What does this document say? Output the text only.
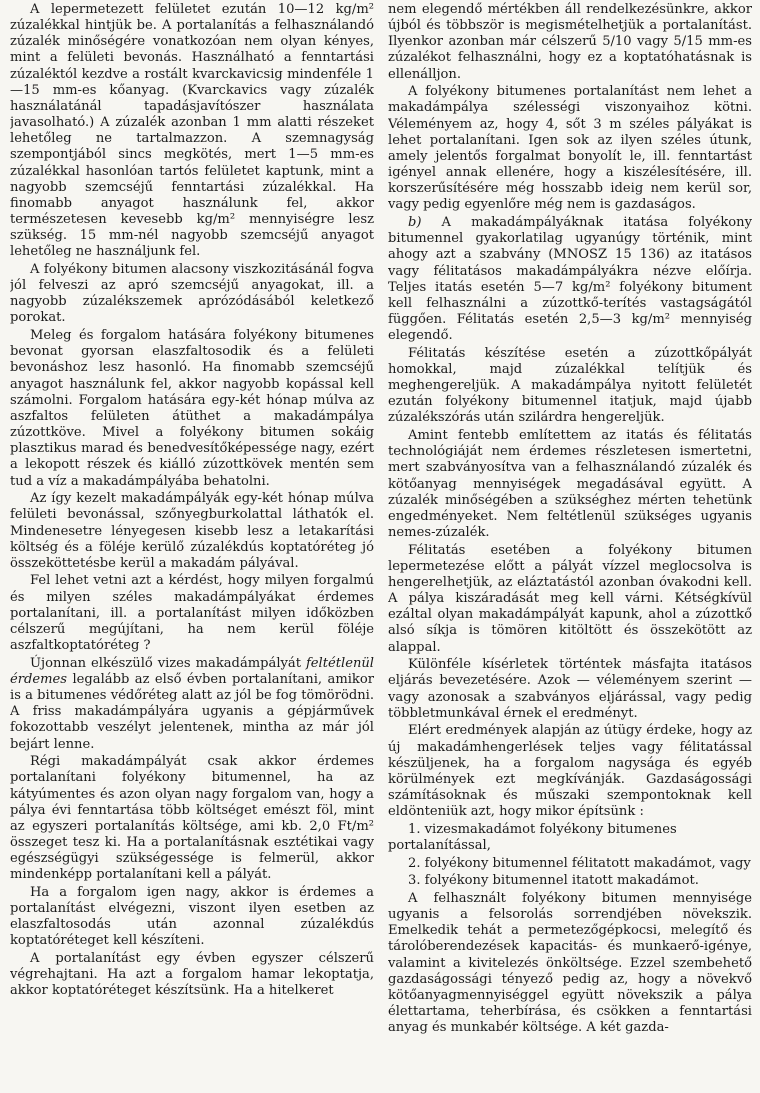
A lepermetezett felületet ezután 10—12 kg/m² zúzalékkal hintjük be. A portalanítás a felhasználandó zúzalék minőségére vonatkozóan nem olyan kényes, mint a felületi bevonás. Használható a fenntartási zúzaléktól kezdve a rostált kvarckavicsig mindenféle 1—15 mm-es kőanyag. (Kvarckavics vagy zúzalék használatánál tapadásjavítószer használata javasolható.) A zúzalék azonban 1 mm alatti részeket lehetőleg ne tartalmazzon. A szemnagyság szempontjából sincs megkötés, mert 1—5 mm-es zúzalékkal hasonlóan tartós felületet kaptunk, mint a nagyobb szemcséjű fenntartási zúzalékkal. Ha finomabb anyagot használunk fel, akkor természetesen kevesebb kg/m² mennyiségre lesz szükség. 15 mm-nél nagyobb szemcséjű anyagot lehetőleg ne használjunk fel.

A folyékony bitumen alacsony viszkozitásánál fogva jól felveszi az apró szemcséjű anyagokat, ill. a nagyobb zúzalékszemek aprózódásából keletkező porokat.

Meleg és forgalom hatására folyékony bitumenes bevonat gyorsan elaszfaltosodik és a felületi bevonáshoz lesz hasonló. Ha finomabb szemcséjű anyagot használunk fel, akkor nagyobb kopással kell számolni. Forgalom hatására egy-két hónap múlva az aszfaltos felületen átüthet a makadámpálya zúzottköve. Mivel a folyékony bitumen sokáig plasztikus marad és benedvesítőképessége nagy, ezért a lekopott részek és kiálló zúzottkövek mentén sem tud a víz a makadámpályába behatolni.

Az így kezelt makadámpályák egy-két hónap múlva felületi bevonással, szőnyegburkolattal láthatók el. Mindenesetre lényegesen kisebb lesz a letakarítási költség és a föléje kerülő zúzalékdús koptatóréteg jó összeköttetésbe kerül a makadám pályával.

Fel lehet vetni azt a kérdést, hogy milyen forgalmú és milyen széles makadámpályákat érdemes portalanítani, ill. a portalanítást milyen időközben célszerű megújítani, ha nem kerül föléje aszfaltkoptatóréteg ?

Újonnan elkészülő vizes makadámpályát feltétlenül érdemes legalább az első évben portalanítani, amikor is a bitumenes védőréteg alatt az jól be fog tömörödni. A friss makadámpályára ugyanis a gépjárművek fokozottabb veszélyt jelentenek, mintha az már jól bejárt lenne.

Régi makadámpályát csak akkor érdemes portalanítani folyékony bitumennel, ha az kátyúmentes és azon olyan nagy forgalom van, hogy a pálya évi fenntartása több költséget emészt föl, mint az egyszeri portalanítás költsége, ami kb. 2,0 Ft/m² összeget tesz ki. Ha a portalanításnak esztétikai vagy egészségügyi szükségessége is felmerül, akkor mindenképp portalanítani kell a pályát.

Ha a forgalom igen nagy, akkor is érdemes a portalanítást elvégezni, viszont ilyen esetben az elaszfaltosodás után azonnal zúzalékdús koptatóréteget kell készíteni.

A portalanítást egy évben egyszer célszerű végrehajtani. Ha azt a forgalom hamar lekoptatja, akkor koptatóréteget készítsünk. Ha a hitelkeret

nem elegendő mértékben áll rendelkezésünkre, akkor újból és többször is megismételhetjük a portalanítást. Ilyenkor azonban már célszerű 5/10 vagy 5/15 mm-es zúzalékot felhasználni, hogy ez a koptatóhatásnak is ellenálljon.

A folyékony bitumenes portalanítást nem lehet a makadámpálya szélességi viszonyaihoz kötni. Véleményem az, hogy 4, sőt 3 m széles pályákat is lehet portalanítani. Igen sok az ilyen széles útunk, amely jelentős forgalmat bonyolít le, ill. fenntartást igényel annak ellenére, hogy a kiszélesítésére, ill. korszerűsítésére még hosszabb ideig nem kerül sor, vagy pedig egyenlőre még nem is gazdaságos.

b) A makadámpályáknak itatása folyékony bitumennel gyakorlatilag ugyanúgy történik, mint ahogy azt a szabvány (MNOSZ 15 136) az itatásos vagy félitatásos makadámpályákra nézve előírja. Teljes itatás esetén 5—7 kg/m² folyékony bitument kell felhasználni a zúzottkő-terítés vastagságától függően. Félitatás esetén 2,5—3 kg/m² mennyiség elegendő.

Félitatás készítése esetén a zúzottkőpályát homokkal, majd zúzalékkal telítjük és meghengereljük. A makadámpálya nyitott felületét ezután folyékony bitumennel itatjuk, majd újabb zúzalékszórás után szilárdra hengereljük.

Amint fentebb említettem az itatás és félitatás technológiáját nem érdemes részletesen ismertetni, mert szabványosítva van a felhasználandó zúzalék és kötőanyag mennyiségek megadásával együtt. A zúzalék minőségében a szükséghez mérten tehetünk engedményeket. Nem feltétlenül szükséges ugyanis nemes-zúzalék.

Félitatás esetében a folyékony bitumen lepermetezése előtt a pályát vízzel meglocsolva is hengerelhetjük, az eláztatástól azonban óvakodni kell. A pálya kiszáradását meg kell várni. Kétségkívül ezáltal olyan makadámpályát kapunk, ahol a zúzottkő alsó síkja is tömören kitöltött és összekötött az alappal.

Különféle kísérletek történtek másfajta itatásos eljárás bevezetésére. Azok — véleményem szerint — vagy azonosak a szabványos eljárással, vagy pedig többletmunkával érnek el eredményt.

Elért eredmények alapján az útügy érdeke, hogy az új makadámhengerlések teljes vagy félitatással készüljenek, ha a forgalom nagysága és egyéb körülmények ezt megkívánják. Gazdaságossági számításoknak és műszaki szempontoknak kell eldönteniük azt, hogy mikor építsünk :

1. vizesmakadámot folyékony bitumenes portalanítással,

2. folyékony bitumennel félitatott makadámot, vagy

3. folyékony bitumennel itatott makadámot.

A felhasznált folyékony bitumen mennyisége ugyanis a felsorolás sorrendjében növekszik. Emelkedik tehát a permetezőgépkocsi, melegítő és tárolóberendezések kapacitás- és munkaerő-igénye, valamint a kivitelezés önköltsége. Ezzel szembehető gazdaságossági tényező pedig az, hogy a növekvő kötőanyagmennyiséggel együtt növekszik a pálya élettartama, teherbírása, és csökken a fenntartási anyag és munkabér költsége. A két gazda-
